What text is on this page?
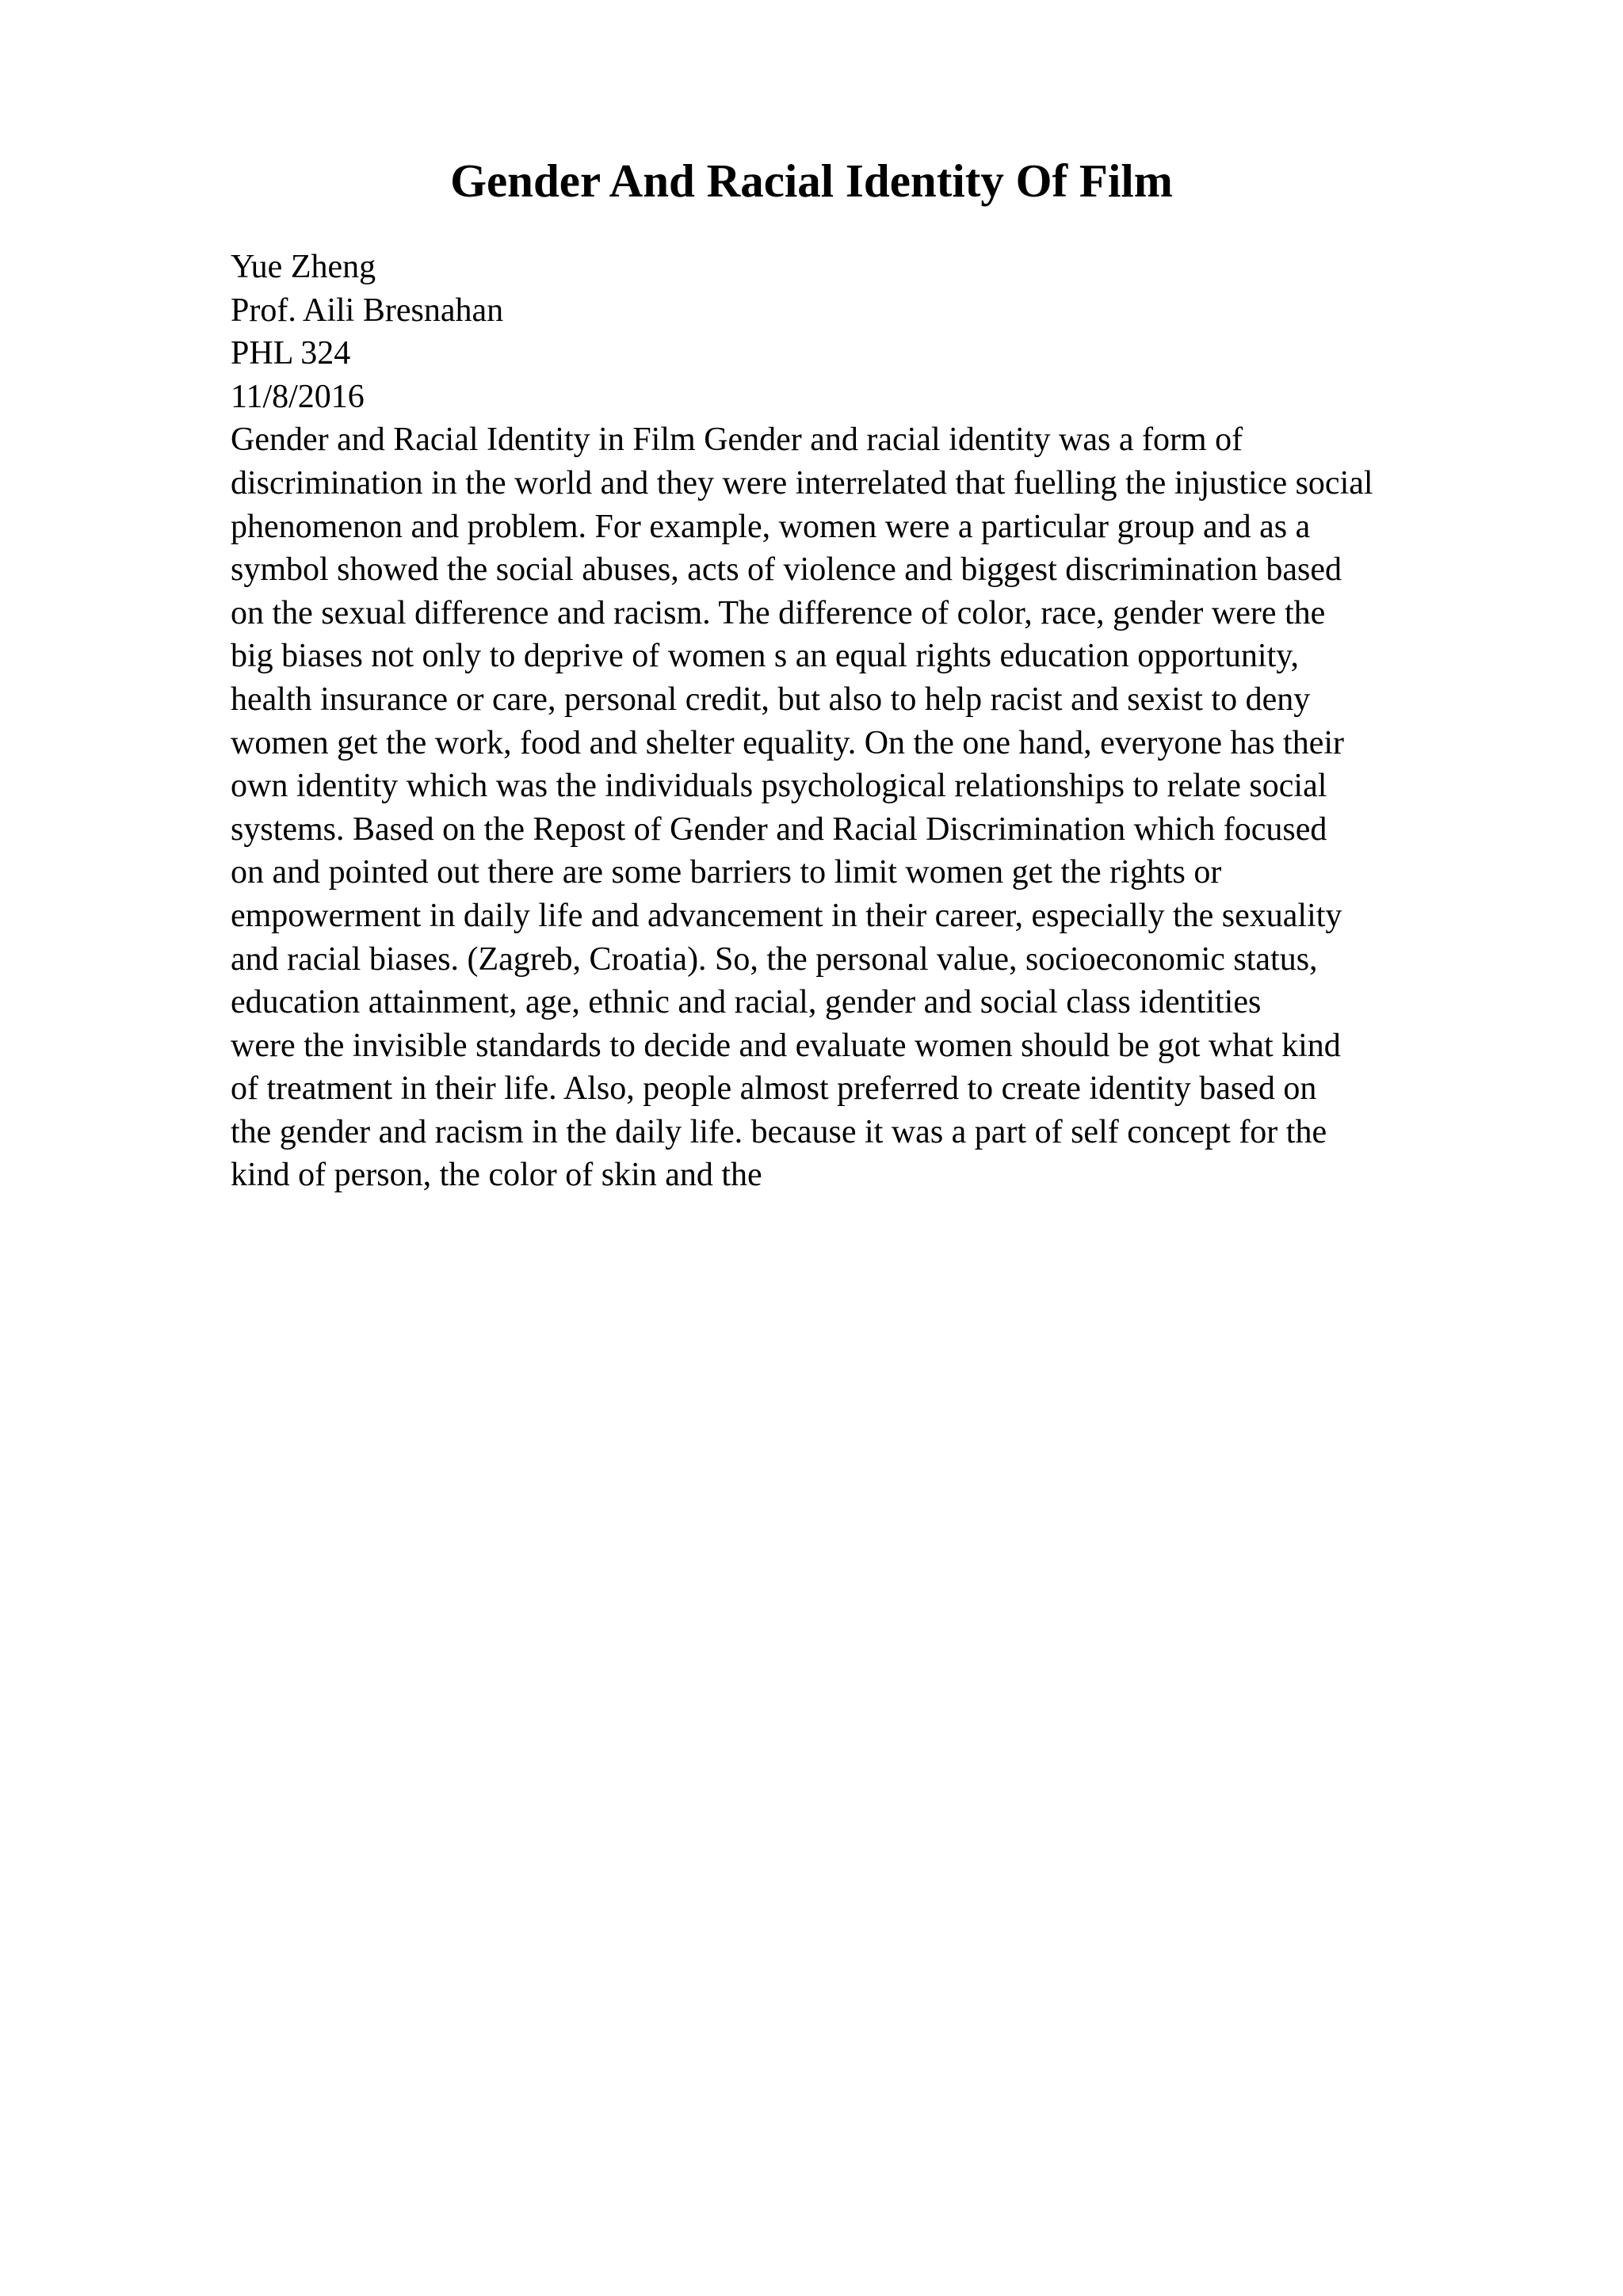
Gender And Racial Identity Of Film
Yue Zheng
Prof. Aili Bresnahan
PHL 324
11/8/2016
Gender and Racial Identity in Film Gender and racial identity was a form of
discrimination in the world and they were interrelated that fuelling the injustice social
phenomenon and problem. For example, women were a particular group and as a
symbol showed the social abuses, acts of violence and biggest discrimination based
on the sexual difference and racism. The difference of color, race, gender were the
big biases not only to deprive of women s an equal rights education opportunity,
health insurance or care, personal credit, but also to help racist and sexist to deny
women get the work, food and shelter equality. On the one hand, everyone has their
own identity which was the individuals psychological relationships to relate social
systems. Based on the Repost of Gender and Racial Discrimination which focused
on and pointed out there are some barriers to limit women get the rights or
empowerment in daily life and advancement in their career, especially the sexuality
and racial biases. (Zagreb, Croatia). So, the personal value, socioeconomic status,
education attainment, age, ethnic and racial, gender and social class identities
were the invisible standards to decide and evaluate women should be got what kind
of treatment in their life. Also, people almost preferred to create identity based on
the gender and racism in the daily life. because it was a part of self concept for the
kind of person, the color of skin and the
